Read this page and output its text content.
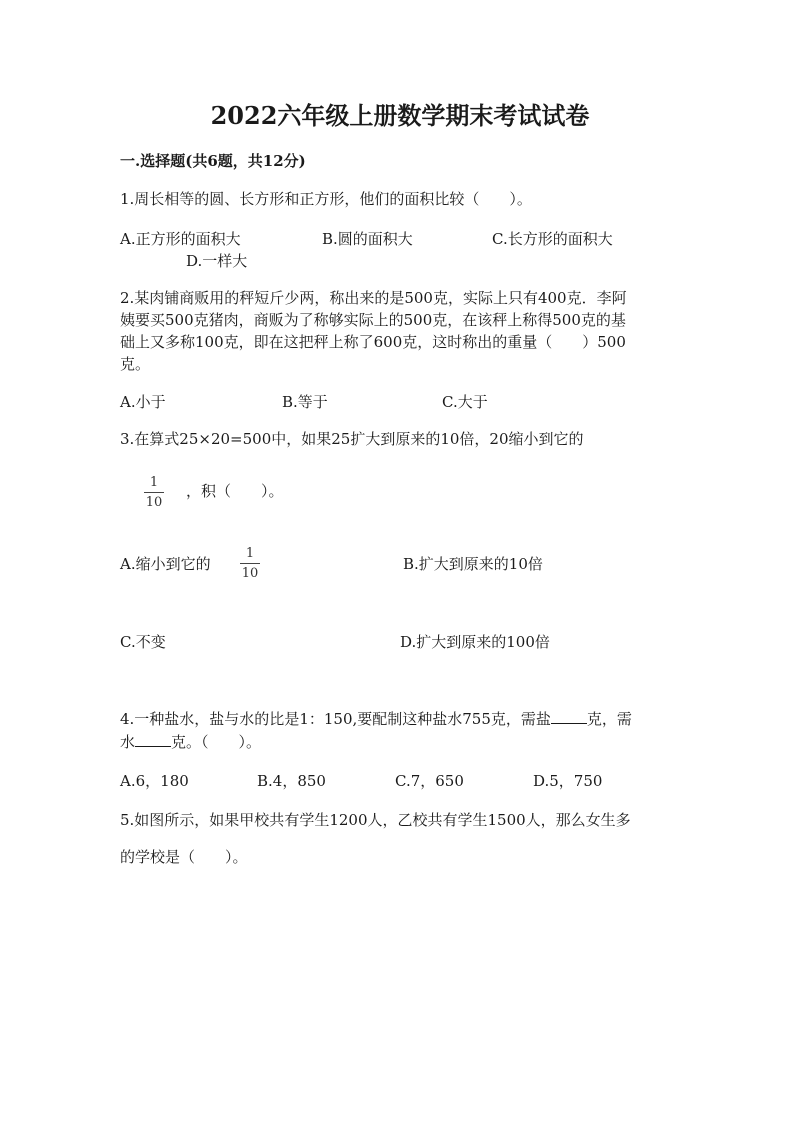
2022六年级上册数学期末考试试卷
一.选择题(共6题，共12分)
1.周长相等的圆、长方形和正方形，他们的面积比较（　　）。
A.正方形的面积大	B.圆的面积大	C.长方形的面积大
D.一样大
2.某肉铺商贩用的秤短斤少两，称出来的是500克，实际上只有400克．李阿
姨要买500克猪肉，商贩为了称够实际上的500克，在该秤上称得500克的基
础上又多称100克，即在这把秤上称了600克，这时称出的重量（　　）500
克。
A.小于	B.等于	C.大于
3.在算式25×20=500中，如果25扩大到原来的10倍，20缩小到它的
1
10
，积（　　）。
A.缩小到它的
1
10
B.扩大到原来的10倍
C.不变	D.扩大到原来的100倍
4.一种盐水，盐与水的比是1：150,要配制这种盐水755克，需盐 克，需
水 克。（　　）。
A.6，180	B.4，850	C.7，650	D.5，750
5.如图所示，如果甲校共有学生1200人，乙校共有学生1500人，那么女生多
的学校是（　　）。
